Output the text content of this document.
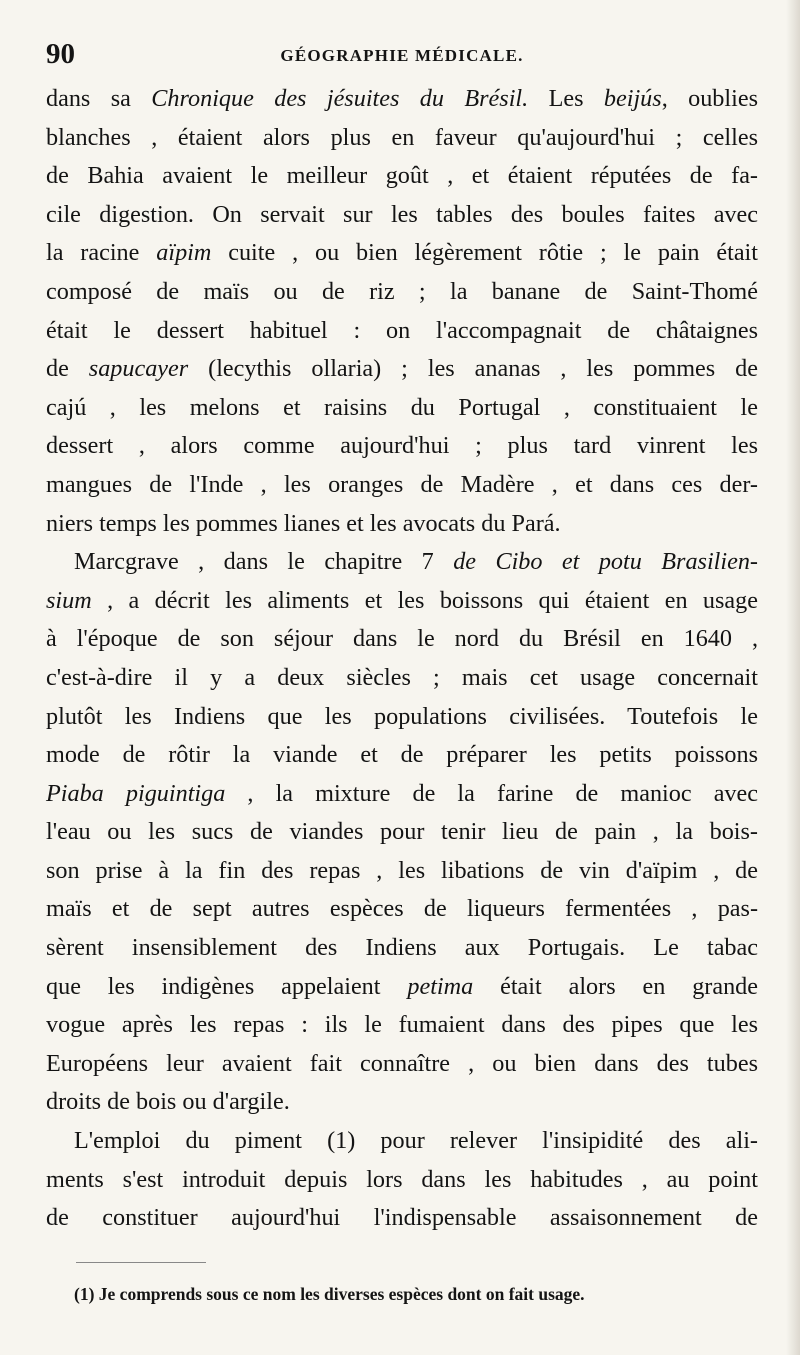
90	GÉOGRAPHIE MÉDICALE.
dans sa Chronique des jésuites du Brésil. Les beijús, oublies
blanches , étaient alors plus en faveur qu'aujourd'hui ; celles
de Bahia avaient le meilleur goût , et étaient réputées de fa-
cile digestion. On servait sur les tables des boules faites avec
la racine aïpim cuite , ou bien légèrement rôtie ; le pain était
composé de maïs ou de riz ; la banane de Saint-Thomé
était le dessert habituel : on l'accompagnait de châtaignes
de sapucayer (lecythis ollaria) ; les ananas , les pommes de
cajú , les melons et raisins du Portugal , constituaient le
dessert , alors comme aujourd'hui ; plus tard vinrent les
mangues de l'Inde , les oranges de Madère , et dans ces der-
niers temps les pommes lianes et les avocats du Pará.
Marcgrave , dans le chapitre 7 de Cibo et potu Brasilien-
sium , a décrit les aliments et les boissons qui étaient en usage
à l'époque de son séjour dans le nord du Brésil en 1640 ,
c'est-à-dire il y a deux siècles ; mais cet usage concernait
plutôt les Indiens que les populations civilisées. Toutefois le
mode de rôtir la viande et de préparer les petits poissons
Piaba piguintiga , la mixture de la farine de manioc avec
l'eau ou les sucs de viandes pour tenir lieu de pain , la bois-
son prise à la fin des repas , les libations de vin d'aïpim , de
maïs et de sept autres espèces de liqueurs fermentées , pas-
sèrent insensiblement des Indiens aux Portugais. Le tabac
que les indigènes appelaient petima était alors en grande
vogue après les repas : ils le fumaient dans des pipes que les
Européens leur avaient fait connaître , ou bien dans des tubes
droits de bois ou d'argile.
L'emploi du piment (1) pour relever l'insipidité des ali-
ments s'est introduit depuis lors dans les habitudes , au point
de constituer aujourd'hui l'indispensable assaisonnement de
(1) Je comprends sous ce nom les diverses espèces dont on fait usage.
